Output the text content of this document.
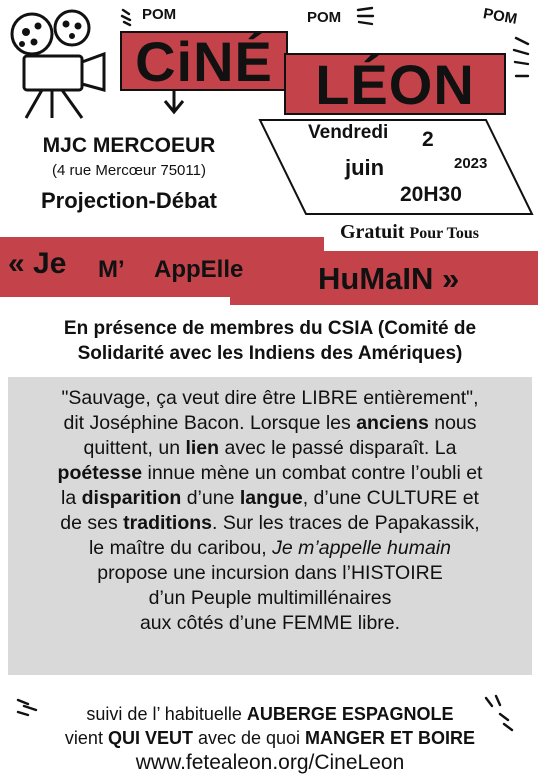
POM	POM	POM
CiNÉ LÉON
MJC MERCOEUR
(4 rue Mercœur 75011)
Projection-Débat
Vendredi 2
juin	2023
20H30
Gratuit Pour Tous
« Je M’ AppElle HuMaIN »
En présence de membres du CSIA (Comité de
Solidarité avec les Indiens des Amériques)
"Sauvage, ça veut dire être LIBRE entièrement",
dit Joséphine Bacon. Lorsque les anciens nous
quittent, un lien avec le passé disparaît. La
poétesse innue mène un combat contre l’oubli et
la disparition d’une langue, d’une CULTURE et
de ses traditions. Sur les traces de Papakassik,
le maître du caribou, Je m’appelle humain
propose une incursion dans l’HISTOIRE
d’un Peuple multimillénaires
aux côtés d’une FEMME libre.
suivi de l’ habituelle AUBERGE ESPAGNOLE
vient QUI VEUT avec de quoi MANGER ET BOIRE
www.fetealeon.org/CineLeon
